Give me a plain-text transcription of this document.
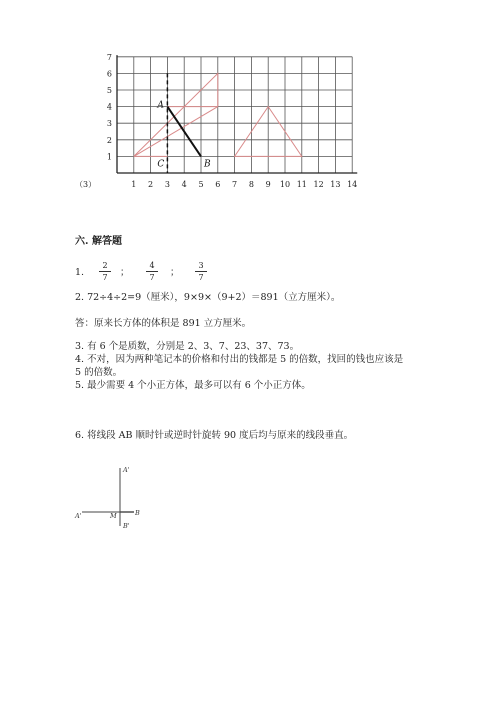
1 2 3 4 5 6 7 8 9 10 11 12 13 14
1
2
3
4
5
6
7
（3）
A
B
C
六. 解答题
1.
2
7	；
4
7	；
3
7
2. 72÷4÷2=9（厘米），9×9×（9+2）＝891（立方厘米）。
答：原来长方体的体积是 891 立方厘米。
3. 有 6 个是质数，分别是 2、3、7、23、37、73。
4. 不对，因为两种笔记本的价格和付出的钱都是 5 的倍数，找回的钱也应该是
5 的倍数。
5. 最少需要 4 个小正方体，最多可以有 6 个小正方体。
6. 将线段 AB 顺时针或逆时针旋转 90 度后均与原来的线段垂直。
A'
A'	M	B
B'
